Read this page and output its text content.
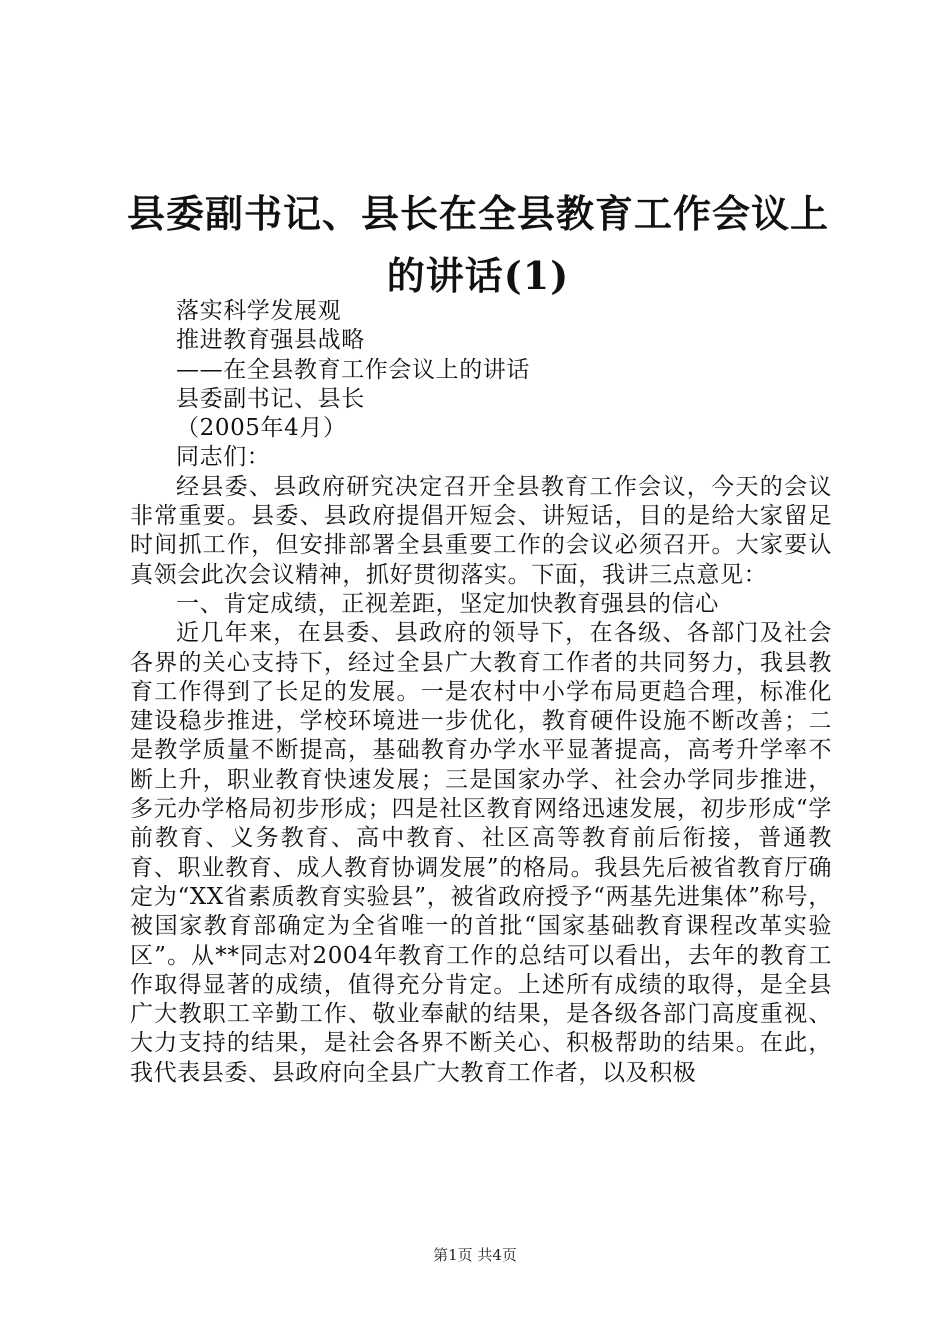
县委副书记、县长在全县教育工作会议上的讲话(1)

落实科学发展观

推进教育强县战略

——在全县教育工作会议上的讲话

县委副书记、县长

（2005年4月）

同志们：

经县委、县政府研究决定召开全县教育工作会议，今天的会议非常重要。县委、县政府提倡开短会、讲短话，目的是给大家留足时间抓工作，但安排部署全县重要工作的会议必须召开。大家要认真领会此次会议精神，抓好贯彻落实。下面，我讲三点意见：

一、肯定成绩，正视差距，坚定加快教育强县的信心

近几年来，在县委、县政府的领导下，在各级、各部门及社会各界的关心支持下，经过全县广大教育工作者的共同努力，我县教育工作得到了长足的发展。一是农村中小学布局更趋合理，标准化建设稳步推进，学校环境进一步优化，教育硬件设施不断改善；二是教学质量不断提高，基础教育办学水平显著提高，高考升学率不断上升，职业教育快速发展；三是国家办学、社会办学同步推进，多元办学格局初步形成；四是社区教育网络迅速发展，初步形成“学前教育、义务教育、高中教育、社区高等教育前后衔接，普通教育、职业教育、成人教育协调发展”的格局。我县先后被省教育厅确定为“XX省素质教育实验县”，被省政府授予“两基先进集体”称号，被国家教育部确定为全省唯一的首批“国家基础教育课程改革实验区”。从**同志对2004年教育工作的总结可以看出，去年的教育工作取得显著的成绩，值得充分肯定。上述所有成绩的取得，是全县广大教职工辛勤工作、敬业奉献的结果，是各级各部门高度重视、大力支持的结果，是社会各界不断关心、积极帮助的结果。在此，我代表县委、县政府向全县广大教育工作者，以及积极

第1页 共4页
